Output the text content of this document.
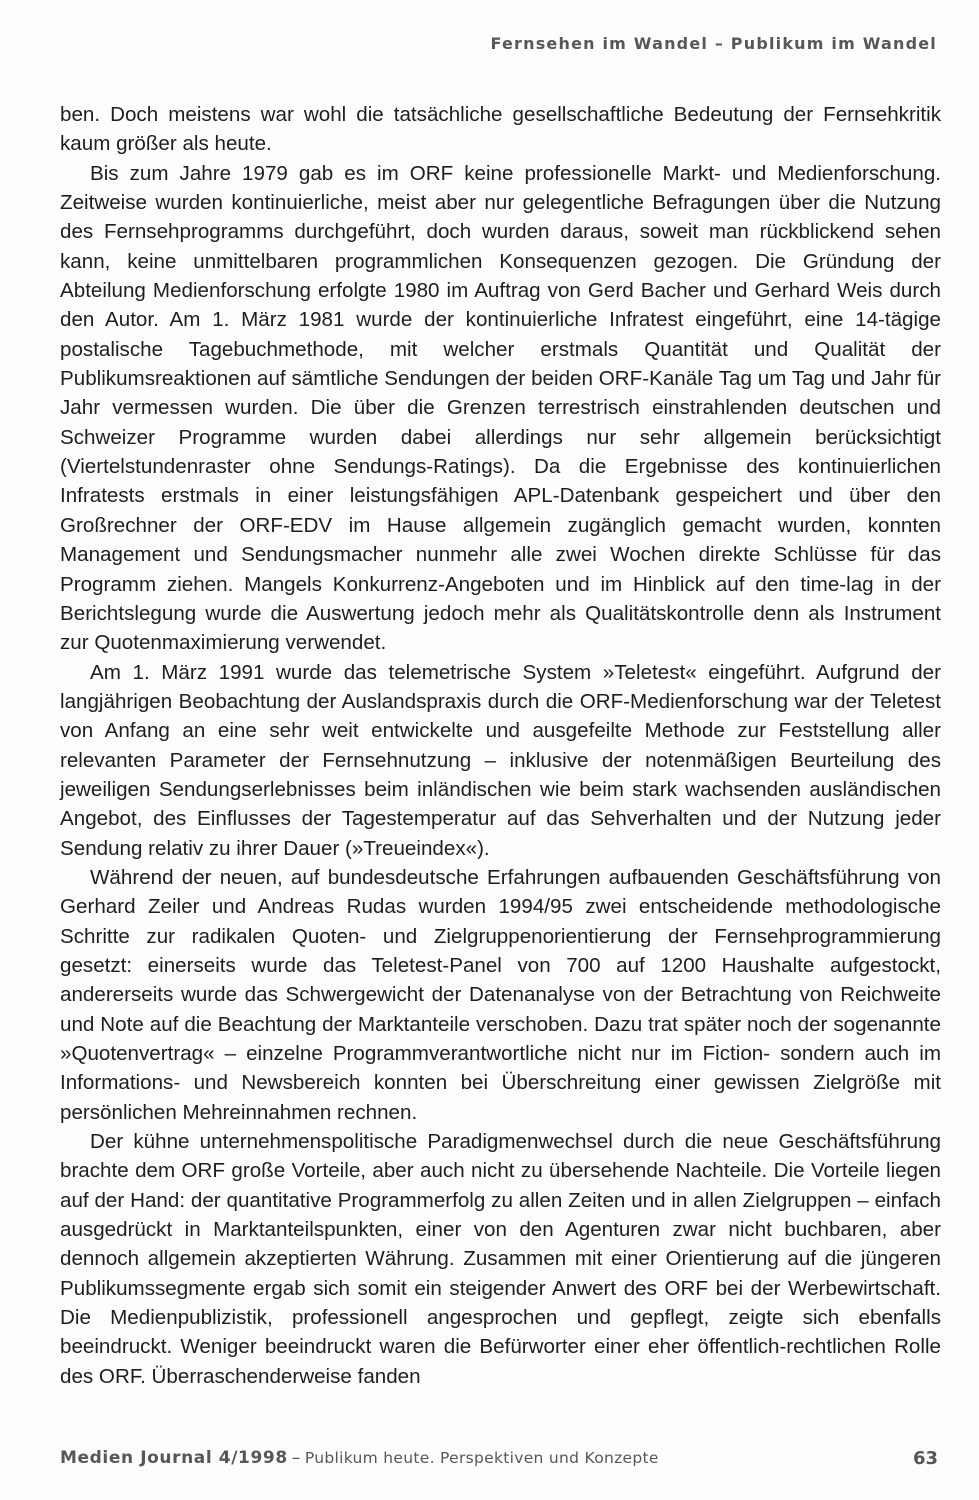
Fernsehen im Wandel – Publikum im Wandel

ben. Doch meistens war wohl die tatsächliche gesellschaftliche Bedeutung der Fernsehkritik kaum größer als heute.

Bis zum Jahre 1979 gab es im ORF keine professionelle Markt- und Medienforschung. Zeitweise wurden kontinuierliche, meist aber nur gelegentliche Befragungen über die Nutzung des Fernsehprogramms durchgeführt, doch wurden daraus, soweit man rückblickend sehen kann, keine unmittelbaren programmlichen Konsequenzen gezogen. Die Gründung der Abteilung Medienforschung erfolgte 1980 im Auftrag von Gerd Bacher und Gerhard Weis durch den Autor. Am 1. März 1981 wurde der kontinuierliche Infratest eingeführt, eine 14-tägige postalische Tagebuchmethode, mit welcher erstmals Quantität und Qualität der Publikumsreaktionen auf sämtliche Sendungen der beiden ORF-Kanäle Tag um Tag und Jahr für Jahr vermessen wurden. Die über die Grenzen terrestrisch einstrahlenden deutschen und Schweizer Programme wurden dabei allerdings nur sehr allgemein berücksichtigt (Viertelstundenraster ohne Sendungs-Ratings). Da die Ergebnisse des kontinuierlichen Infratests erstmals in einer leistungsfähigen APL-Datenbank gespeichert und über den Großrechner der ORF-EDV im Hause allgemein zugänglich gemacht wurden, konnten Management und Sendungsmacher nunmehr alle zwei Wochen direkte Schlüsse für das Programm ziehen. Mangels Konkurrenz-Angeboten und im Hinblick auf den time-lag in der Berichtslegung wurde die Auswertung jedoch mehr als Qualitätskontrolle denn als Instrument zur Quotenmaximierung verwendet.

Am 1. März 1991 wurde das telemetrische System »Teletest« eingeführt. Aufgrund der langjährigen Beobachtung der Auslandspraxis durch die ORF-Medienforschung war der Teletest von Anfang an eine sehr weit entwickelte und ausgefeilte Methode zur Feststellung aller relevanten Parameter der Fernsehnutzung – inklusive der notenmäßigen Beurteilung des jeweiligen Sendungserlebnisses beim inländischen wie beim stark wachsenden ausländischen Angebot, des Einflusses der Tagestemperatur auf das Sehverhalten und der Nutzung jeder Sendung relativ zu ihrer Dauer (»Treueindex«).

Während der neuen, auf bundesdeutsche Erfahrungen aufbauenden Geschäftsführung von Gerhard Zeiler und Andreas Rudas wurden 1994/95 zwei entscheidende methodologische Schritte zur radikalen Quoten- und Zielgruppenorientierung der Fernsehprogrammierung gesetzt: einerseits wurde das Teletest-Panel von 700 auf 1200 Haushalte aufgestockt, andererseits wurde das Schwergewicht der Datenanalyse von der Betrachtung von Reichweite und Note auf die Beachtung der Marktanteile verschoben. Dazu trat später noch der sogenannte »Quotenvertrag« – einzelne Programmverantwortliche nicht nur im Fiction- sondern auch im Informations- und Newsbereich konnten bei Überschreitung einer gewissen Zielgröße mit persönlichen Mehreinnahmen rechnen.

Der kühne unternehmenspolitische Paradigmenwechsel durch die neue Geschäftsführung brachte dem ORF große Vorteile, aber auch nicht zu übersehende Nachteile. Die Vorteile liegen auf der Hand: der quantitative Programmerfolg zu allen Zeiten und in allen Zielgruppen – einfach ausgedrückt in Marktanteilspunkten, einer von den Agenturen zwar nicht buchbaren, aber dennoch allgemein akzeptierten Währung. Zusammen mit einer Orientierung auf die jüngeren Publikumssegmente ergab sich somit ein steigender Anwert des ORF bei der Werbewirtschaft. Die Medienpublizistik, professionell angesprochen und gepflegt, zeigte sich ebenfalls beeindruckt. Weniger beeindruckt waren die Befürworter einer eher öffentlich-rechtlichen Rolle des ORF. Überraschenderweise fanden

Medien Journal 4/1998 – Publikum heute. Perspektiven und Konzepte	63
